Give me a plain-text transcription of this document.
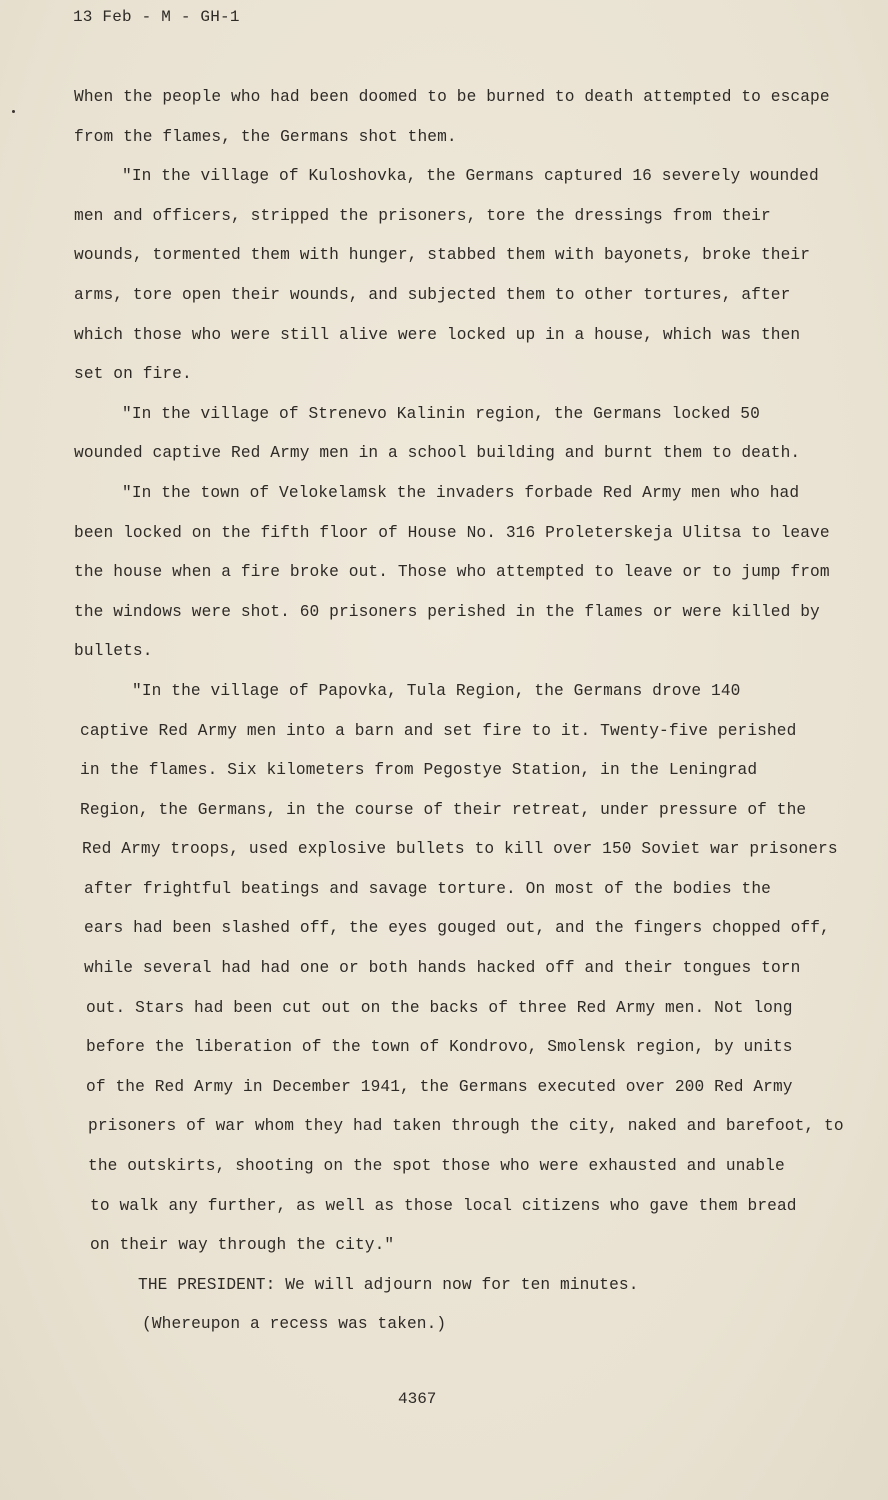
13 Feb - M - GH-1
When the people who had been doomed to be burned to death attempted to escape
from the flames, the Germans shot them.
"In the village of Kuloshovka, the Germans captured 16 severely wounded
men and officers, stripped the prisoners, tore the dressings from their
wounds, tormented them with hunger, stabbed them with bayonets, broke their
arms, tore open their wounds, and subjected them to other tortures, after
which those who were still alive were locked up in a house, which was then
set on fire.
"In the village of Strenevo Kalinin region, the Germans locked 50
wounded captive Red Army men in a school building and burnt them to death.
"In the town of Velokelamsk the invaders forbade Red Army men who had
been locked on the fifth floor of House No. 316 Proleterskeja Ulitsa to leave
the house when a fire broke out. Those who attempted to leave or to jump from
the windows were shot. 60 prisoners perished in the flames or were killed by
bullets.
"In the village of Papovka, Tula Region, the Germans drove 140
captive Red Army men into a barn and set fire to it. Twenty-five perished
in the flames. Six kilometers from Pegostye Station, in the Leningrad
Region, the Germans, in the course of their retreat, under pressure of the
Red Army troops, used explosive bullets to kill over 150 Soviet war prisoners
after frightful beatings and savage torture. On most of the bodies the
ears had been slashed off, the eyes gouged out, and the fingers chopped off,
while several had had one or both hands hacked off and their tongues torn
out. Stars had been cut out on the backs of three Red Army men. Not long
before the liberation of the town of Kondrovo, Smolensk region, by units
of the Red Army in December 1941, the Germans executed over 200 Red Army
prisoners of war whom they had taken through the city, naked and barefoot, to
the outskirts, shooting on the spot those who were exhausted and unable
to walk any further, as well as those local citizens who gave them bread
on their way through the city."
THE PRESIDENT: We will adjourn now for ten minutes.
(Whereupon a recess was taken.)
4367
